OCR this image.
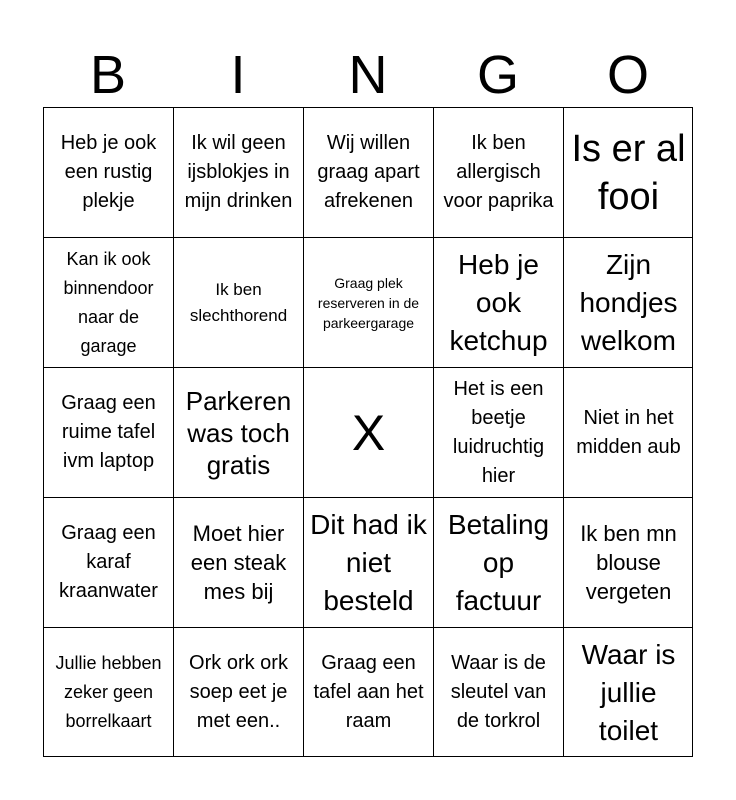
B	I	N	G	O
Heb je ook een rustig plekje
Ik wil geen ijsblokjes in mijn drinken
Wij willen graag apart afrekenen
Ik ben allergisch voor paprika
Is er al fooi
Kan ik ook binnendoor naar de garage
Ik ben slechthorend
Graag plek reserveren in de parkeergarage
Heb je ook ketchup
Zijn hondjes welkom
Graag een ruime tafel ivm laptop
Parkeren was toch gratis
X
Het is een beetje luidruchtig hier
Niet in het midden aub
Graag een karaf kraanwater
Moet hier een steak mes bij
Dit had ik niet besteld
Betaling op factuur
Ik ben mn blouse vergeten
Jullie hebben zeker geen borrelkaart
Ork ork ork soep eet je met een..
Graag een tafel aan het raam
Waar is de sleutel van de torkrol
Waar is jullie toilet
